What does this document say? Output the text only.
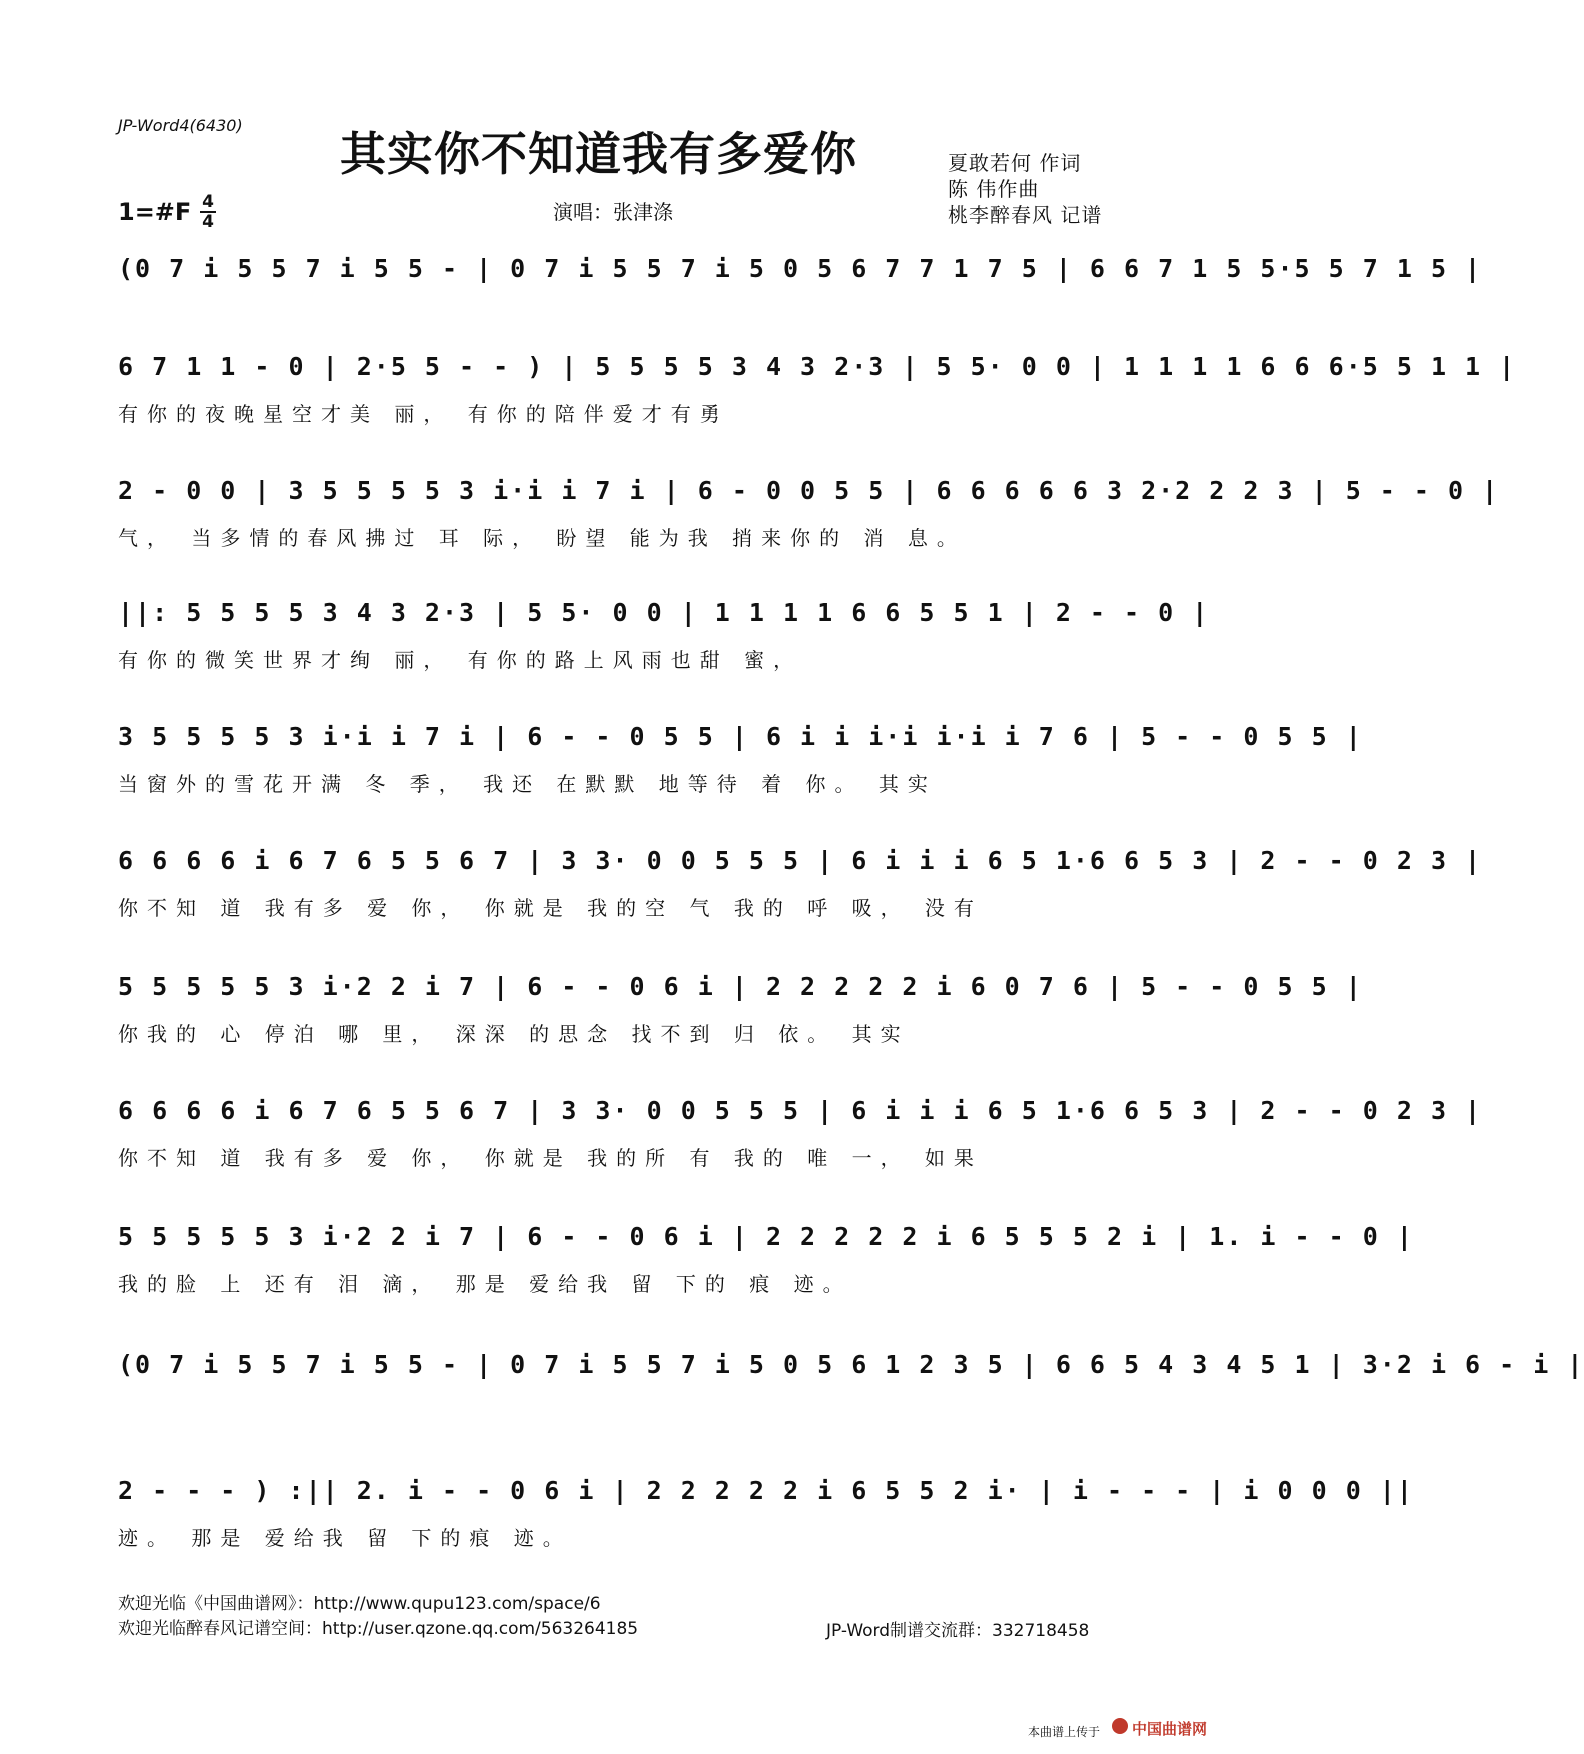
JP-Word4(6430)
其实你不知道我有多爱你	夏敢若何 作词
陈 伟作曲
桃李醉春风 记谱
1=#F 4
4	演唱：张津涤
(0 7 i 5 5 7 i 5 5 - | 0 7 i 5 5 7 i 5 0 5 6 7 7 1 7 5 | 6 6 7 1 5 5·5 5 7 1 5 |
6 7 1 1 - 0 | 2·5 5 - - ) | 5 5 5 5 3 4 3 2·3 | 5 5· 0 0 | 1 1 1 1 6 6 6·5 5 1 1 |
有你的夜晚星空才美 丽， 有你的陪伴爱才有勇
2 - 0 0 | 3 5 5 5 5 3 i·i i 7 i | 6 - 0 0 5 5 | 6 6 6 6 6 3 2·2 2 2 3 | 5 - - 0 |
气， 当多情的春风拂过 耳 际， 盼望 能为我 捎来你的 消 息。
||: 5 5 5 5 3 4 3 2·3 | 5 5· 0 0 | 1 1 1 1 6 6 5 5 1 | 2 - - 0 |
有你的微笑世界才绚 丽， 有你的路上风雨也甜 蜜，
3 5 5 5 5 3 i·i i 7 i | 6 - - 0 5 5 | 6 i i i·i i·i i 7 6 | 5 - - 0 5 5 |
当窗外的雪花开满 冬 季， 我还 在默默 地等待 着 你。 其实
6 6 6 6 i 6 7 6 5 5 6 7 | 3 3· 0 0 5 5 5 | 6 i i i 6 5 1·6 6 5 3 | 2 - - 0 2 3 |
你不知 道 我有多 爱 你， 你就是 我的空 气 我的 呼 吸， 没有
5 5 5 5 5 3 i·2 2 i 7 | 6 - - 0 6 i | 2 2 2 2 2 i 6 0 7 6 | 5 - - 0 5 5 |
你我的 心 停泊 哪 里， 深深 的思念 找不到 归 依。 其实
6 6 6 6 i 6 7 6 5 5 6 7 | 3 3· 0 0 5 5 5 | 6 i i i 6 5 1·6 6 5 3 | 2 - - 0 2 3 |
你不知 道 我有多 爱 你， 你就是 我的所 有 我的 唯 一， 如果
5 5 5 5 5 3 i·2 2 i 7 | 6 - - 0 6 i | 2 2 2 2 2 i 6 5 5 5 2 i | 1. i - - 0 |
我的脸 上 还有 泪 滴， 那是 爱给我 留 下的 痕 迹。
(0 7 i 5 5 7 i 5 5 - | 0 7 i 5 5 7 i 5 0 5 6 1 2 3 5 | 6 6 5 4 3 4 5 1 | 3·2 i 6 - i |
2 - - - ) :|| 2. i - - 0 6 i | 2 2 2 2 2 i 6 5 5 2 i· | i - - - | i 0 0 0 ||
迹。 那是 爱给我 留 下的痕 迹。
欢迎光临《中国曲谱网》：http://www.qupu123.com/space/6
欢迎光临醉春风记谱空间：http://user.qzone.qq.com/563264185	JP-Word制谱交流群：332718458
本曲谱上传于 中国曲谱网
